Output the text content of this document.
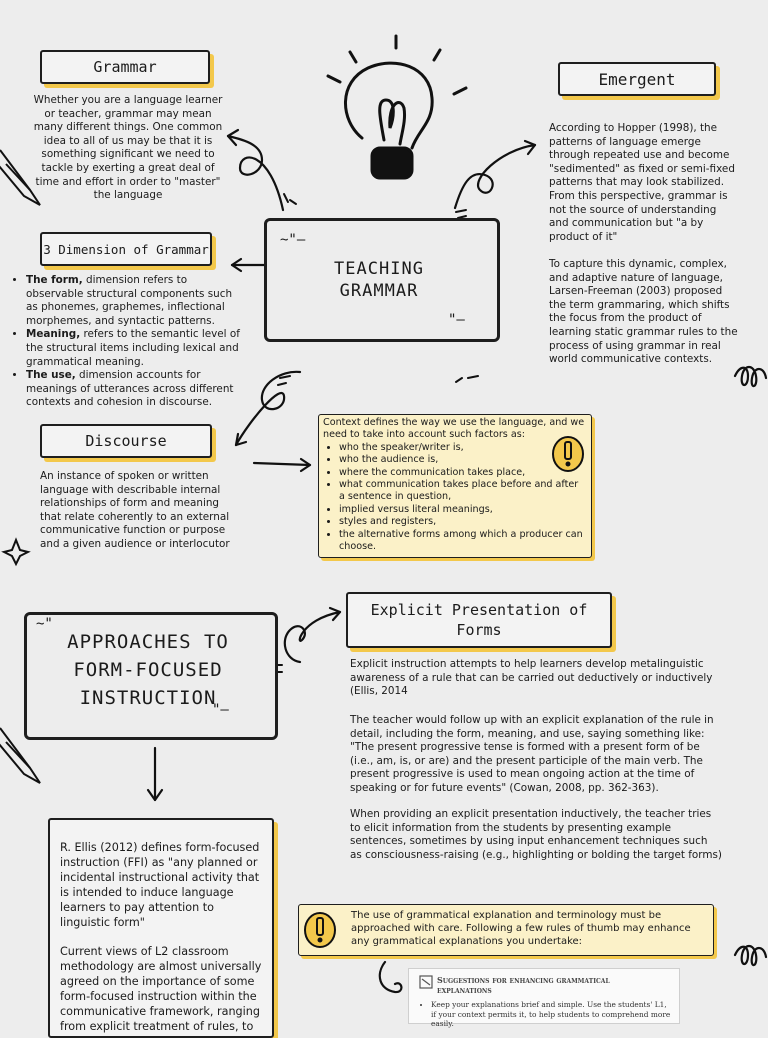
Grammar
Whether you are a language learner or teacher, grammar may mean many different things. One common idea to all of us may be that it is something significant we need to tackle by exerting a great deal of time and effort in order to "master" the language
Emergent
According to Hopper (1998), the patterns of language emerge through repeated use and become "sedimented" as fixed or semi-fixed patterns that may look stabilized. From this perspective, grammar is not the source of understanding and communication but "a by product of it"
To capture this dynamic, complex, and adaptive nature of language, Larsen-Freeman (2003) proposed the term grammaring, which shifts the focus from the product of learning static grammar rules to the process of using grammar in real world communicative contexts.
~"—
"—
TEACHING
GRAMMAR
3 Dimension of Grammar
• The form, dimension refers to observable structural components such as phonemes, graphemes, inflectional morphemes, and syntactic patterns.
• Meaning, refers to the semantic level of the structural items including lexical and grammatical meaning.
• The use, dimension accounts for meanings of utterances across different contexts and cohesion in discourse.
Discourse
An instance of spoken or written language with describable internal relationships of form and meaning that relate coherently to an external communicative function or purpose and a given audience or interlocutor
Context defines the way we use the language, and we need to take into account such factors as:
• who the speaker/writer is,
• who the audience is,
• where the communication takes place,
• what communication takes place before and after a sentence in question,
• implied versus literal meanings,
• styles and registers,
• the alternative forms among which a producer can choose.
~"
"—
APPROACHES TO
FORM-FOCUSED
INSTRUCTION
Explicit Presentation of
Forms
Explicit instruction attempts to help learners develop metalinguistic awareness of a rule that can be carried out deductively or inductively (Ellis, 2014
The teacher would follow up with an explicit explanation of the rule in detail, including the form, meaning, and use, saying something like: "The present progressive tense is formed with a present form of be (i.e., am, is, or are) and the present participle of the main verb. The present progressive is used to mean ongoing action at the time of speaking or for future events" (Cowan, 2008, pp. 362-363).
When providing an explicit presentation inductively, the teacher tries to elicit information from the students by presenting example sentences, sometimes by using input enhancement techniques such as consciousness-raising (e.g., highlighting or bolding the target forms)
R. Ellis (2012) defines form-focused instruction (FFI) as "any planned or incidental instructional activity that is intended to induce language learners to pay attention to linguistic form"
Current views of L2 classroom methodology are almost universally agreed on the importance of some form-focused instruction within the communicative framework, ranging from explicit treatment of rules, to
The use of grammatical explanation and terminology must be approached with care. Following a few rules of thumb may enhance any grammatical explanations you undertake:
Suggestions for enhancing grammatical
explanations
• Keep your explanations brief and simple. Use the students' L1, if your context permits it, to help students to comprehend more easily.
